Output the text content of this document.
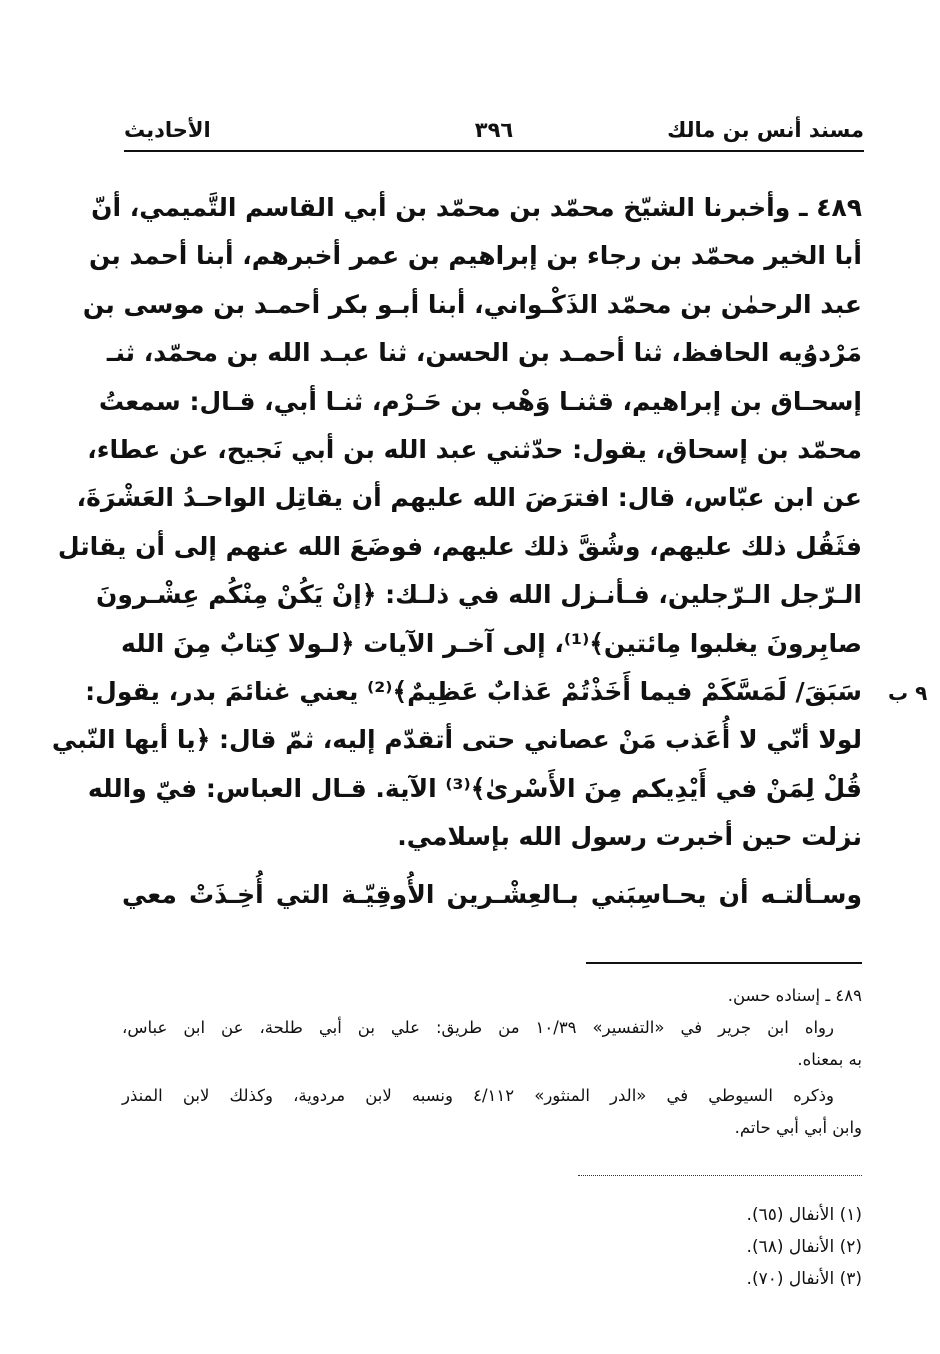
مسند أنس بن مالك
٣٩٦
الأحاديث
٩ ب
٤٨٩ ـ وأخبرنا الشيّخ محمّد بن محمّد بن أبي القاسم التَّميمي، أنّ
أبا الخير محمّد بن رجاء بن إبراهيم بن عمر أخبرهم، أبنا أحمد بن
عبد الرحمٰن بن محمّد الذَكْـواني، أبنا أبـو بكر أحمـد بن موسى بن
مَرْدوُيه الحافظ، ثنا أحمـد بن الحسن، ثنا عبـد الله بن محمّد، ثنـ
إسحـاق بن إبراهيم، قثنـا وَهْب بن حَـرْم، ثنـا أبي، قـال: سمعتُ
محمّد بن إسحاق، يقول: حدّثني عبد الله بن أبي نَجيح، عن عطاء،
عن ابن عبّاس، قال: افترَضَ الله عليهم أن يقاتِل الواحـدُ العَشْرَةَ،
فثَقُل ذلك عليهم، وشُقَّ ذلك عليهم، فوضَعَ الله عنهم إلى أن يقاتل
الـرّجل الـرّجلين، فـأنـزل الله في ذلـك: ﴿إنْ يَكُنْ مِنْكُم عِشْـرونَ
صابِرونَ يغلبوا مِائتين﴾⁽¹⁾، إلى آخـر الآيات ﴿لـولا كِتابٌ مِنَ الله
سَبَقَ/ لَمَسَّكَمْ فيما أَخَذْتُمْ عَذابٌ عَظِيمٌ﴾⁽²⁾ يعني غنائمَ بدر، يقول:
لولا أنّي لا أُعَذب مَنْ عصاني حتى أتقدّم إليه، ثمّ قال: ﴿يا أيها النّبي
قُلْ لِمَنْ في أَيْدِيكم مِنَ الأَسْرىٰ﴾⁽³⁾ الآية. قـال العباس: فيّ والله
نزلت حين أخبرت رسول الله بإسلامي.
وسـألتـه أن يحـاسِبَني بـالعِشْـرين الأُوقِيّـة التي أُخِـذَتْ معي
٤٨٩ ـ إسناده حسن.
رواه ابن جرير في «التفسير» ١٠/٣٩ من طريق: علي بن أبي طلحة، عن ابن عباس،
به بمعناه.
وذكره السيوطي في «الدر المنثور» ٤/١١٢ ونسبه لابن مردوية، وكذلك لابن المنذر
وابن أبي أبي حاتم.
(١) الأنفال (٦٥).
(٢) الأنفال (٦٨).
(٣) الأنفال (٧٠).
